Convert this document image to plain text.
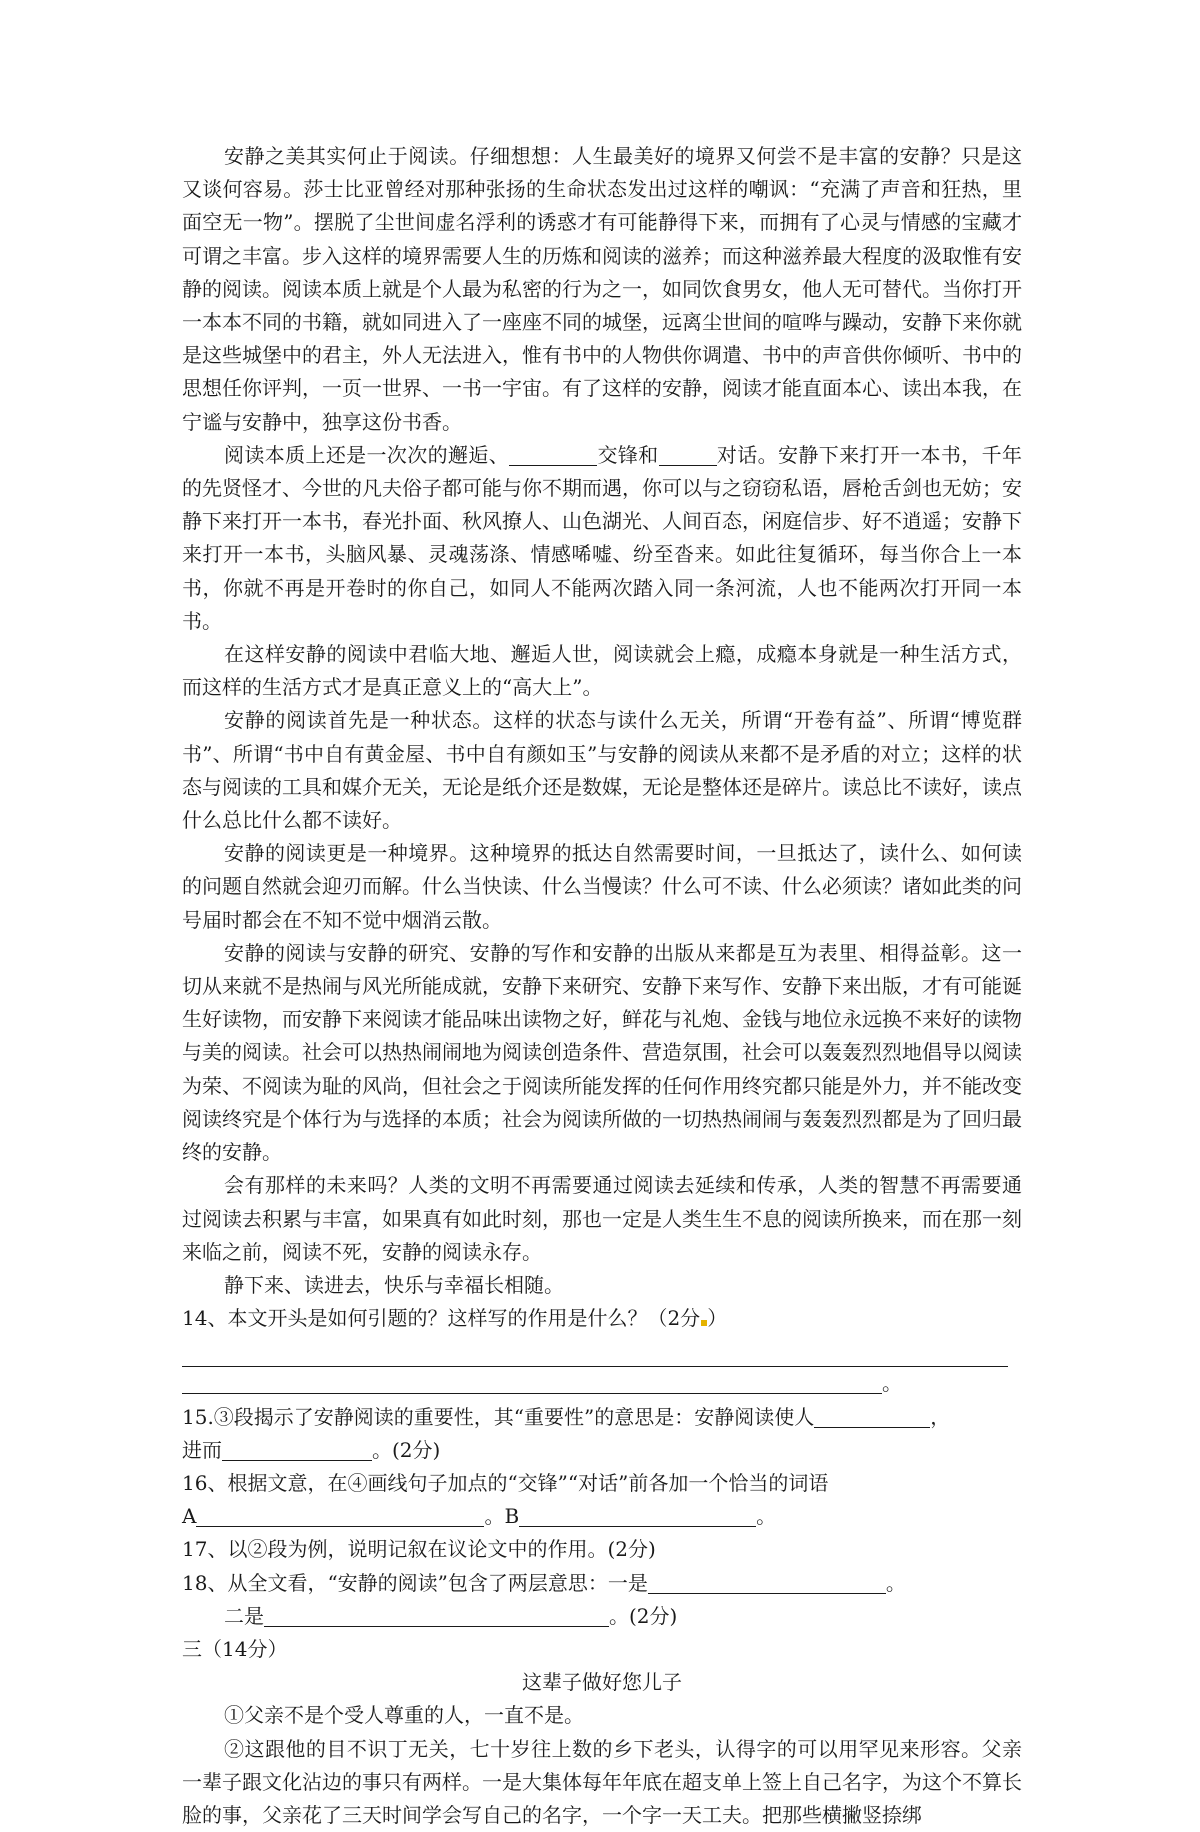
安静之美其实何止于阅读。仔细想想：人生最美好的境界又何尝不是丰富的安静？只是这又谈何容易。莎士比亚曾经对那种张扬的生命状态发出过这样的嘲讽：“充满了声音和狂热，里面空无一物”。摆脱了尘世间虚名浮利的诱惑才有可能静得下来，而拥有了心灵与情感的宝藏才可谓之丰富。步入这样的境界需要人生的历炼和阅读的滋养；而这种滋养最大程度的汲取惟有安静的阅读。阅读本质上就是个人最为私密的行为之一，如同饮食男女，他人无可替代。当你打开一本本不同的书籍，就如同进入了一座座不同的城堡，远离尘世间的喧哗与躁动，安静下来你就是这些城堡中的君主，外人无法进入，惟有书中的人物供你调遣、书中的声音供你倾听、书中的思想任你评判，一页一世界、一书一宇宙。有了这样的安静，阅读才能直面本心、读出本我，在宁谧与安静中，独享这份书香。

阅读本质上还是一次次的邂逅、	交锋和	对话。安静下来打开一本书，千年的先贤怪才、今世的凡夫俗子都可能与你不期而遇，你可以与之窃窃私语，唇枪舌剑也无妨；安静下来打开一本书，春光扑面、秋风撩人、山色湖光、人间百态，闲庭信步、好不逍遥；安静下来打开一本书，头脑风暴、灵魂荡涤、情感唏嘘、纷至沓来。如此往复循环，每当你合上一本书，你就不再是开卷时的你自己，如同人不能两次踏入同一条河流，人也不能两次打开同一本书。

在这样安静的阅读中君临大地、邂逅人世，阅读就会上瘾，成瘾本身就是一种生活方式，而这样的生活方式才是真正意义上的“高大上”。

安静的阅读首先是一种状态。这样的状态与读什么无关，所谓“开卷有益”、所谓“博览群书”、所谓“书中自有黄金屋、书中自有颜如玉”与安静的阅读从来都不是矛盾的对立；这样的状态与阅读的工具和媒介无关，无论是纸介还是数媒，无论是整体还是碎片。读总比不读好，读点什么总比什么都不读好。

安静的阅读更是一种境界。这种境界的抵达自然需要时间，一旦抵达了，读什么、如何读的问题自然就会迎刃而解。什么当快读、什么当慢读？什么可不读、什么必须读？诸如此类的问号届时都会在不知不觉中烟消云散。

安静的阅读与安静的研究、安静的写作和安静的出版从来都是互为表里、相得益彰。这一切从来就不是热闹与风光所能成就，安静下来研究、安静下来写作、安静下来出版，才有可能诞生好读物，而安静下来阅读才能品味出读物之好，鲜花与礼炮、金钱与地位永远换不来好的读物与美的阅读。社会可以热热闹闹地为阅读创造条件、营造氛围，社会可以轰轰烈烈地倡导以阅读为荣、不阅读为耻的风尚，但社会之于阅读所能发挥的任何作用终究都只能是外力，并不能改变阅读终究是个体行为与选择的本质；社会为阅读所做的一切热热闹闹与轰轰烈烈都是为了回归最终的安静。

会有那样的未来吗？人类的文明不再需要通过阅读去延续和传承，人类的智慧不再需要通过阅读去积累与丰富，如果真有如此时刻，那也一定是人类生生不息的阅读所换来，而在那一刻来临之前，阅读不死，安静的阅读永存。

静下来、读进去，快乐与幸福长相随。

14、本文开头是如何引题的？这样写的作用是什么？（2分 ）

。

15.③段揭示了安静阅读的重要性，其“重要性”的意思是：安静阅读使人	，

进而	。(2分)

16、根据文意，在④画线句子加点的“交锋”“对话”前各加一个恰当的词语

A	。B	。

17、以②段为例，说明记叙在议论文中的作用。(2分)

18、从全文看，“安静的阅读”包含了两层意思：一是	。

二是	。(2分)

三（14分）

这辈子做好您儿子

①父亲不是个受人尊重的人，一直不是。

②这跟他的目不识丁无关，七十岁往上数的乡下老头，认得字的可以用罕见来形容。父亲一辈子跟文化沾边的事只有两样。一是大集体每年年底在超支单上签上自己名字，为这个不算长脸的事，父亲花了三天时间学会写自己的名字，一个字一天工夫。把那些横撇竖捺绑
